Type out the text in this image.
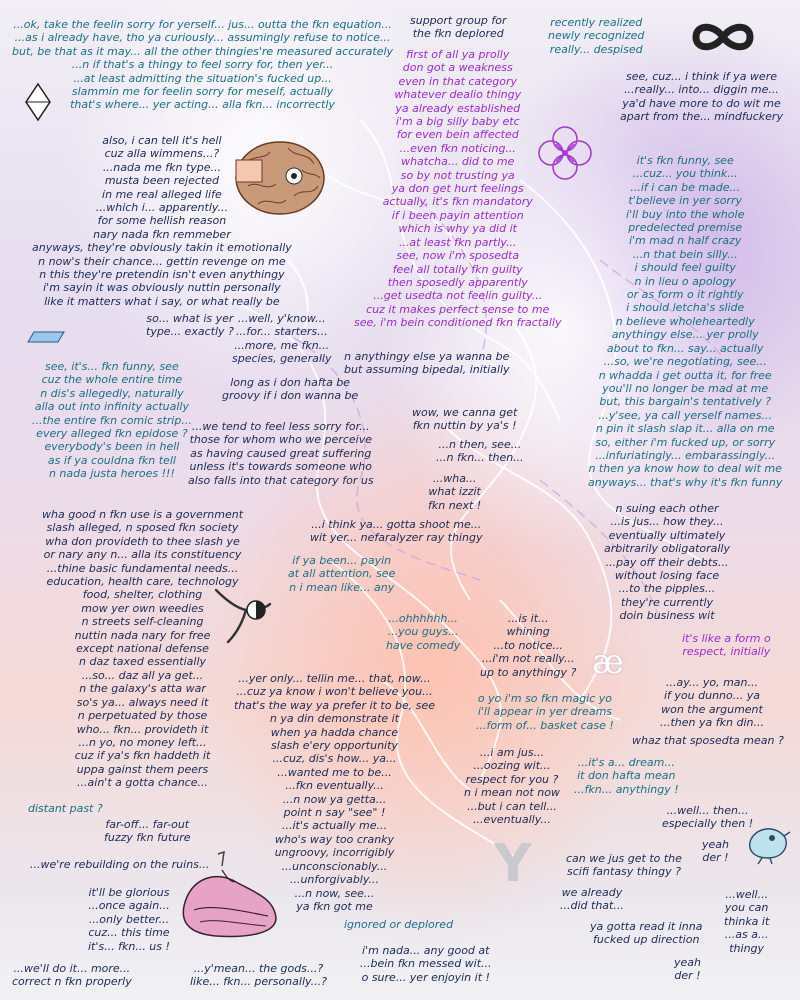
æ
Y

...ok, take the feelin sorry for yerself... jus... outta the fkn equation...
...as i already have, tho ya curiously... assumingly refuse to notice...
but, be that as it may... all the other thingies're measured accurately
...n if that's a thingy to feel sorry for, then yer...
...at least admitting the situation's fucked up...
slammin me for feelin sorry for meself, actually
that's where... yer acting... alla fkn... incorrectly

support group for
the fkn deplored

recently realized
newly recognized
really... despised

see, cuz... i think if ya were
...really... into... diggin me...
ya'd have more to do wit me
apart from the... mindfuckery

first of all ya prolly
don got a weakness
even in that category
whatever dealio thingy
ya already established
i'm a big silly baby etc
for even bein affected
...even fkn noticing...
whatcha... did to me
so by not trusting ya
ya don get hurt feelings
actually, it's fkn mandatory
if i been payin attention
which is why ya did it
...at least fkn partly...
see, now i'm sposedta
feel all totally fkn guilty
then sposedly apparently
...get usedta not feelin guilty...
cuz it makes perfect sense to me
see, i'm bein conditioned fkn fractally

also, i can tell it's hell
cuz alla wimmens...?
...nada me fkn type...
musta been rejected
in me real alleged life
...which i... apparently...
for some hellish reason
nary nada fkn remmeber
anyways, they're obviously takin it emotionally
n now's their chance... gettin revenge on me
n this they're pretendin isn't even anythingy
i'm sayin it was obviously nuttin personally
like it matters what i say, or what really be

it's fkn funny, see
...cuz... you think...
...if i can be made...
t'believe in yer sorry
i'll buy into the whole
predelected premise
i'm mad n half crazy
...n that bein silly...
i should feel guilty
n in lieu o apology
or as form o it rightly
i should letcha's slide
n believe wholeheartedly
anythingy else... yer prolly
about to fkn... say... actually
...so, we're negotiating, see...
n whadda i get outta it, for free
you'll no longer be mad at me
but, this bargain's tentatively ?
...y'see, ya call yerself names...
n pin it slash slap it... alla on me
so, either i'm fucked up, or sorry
...infuriatingly... embarassingly...
n then ya know how to deal wit me
anyways... that's why it's fkn funny

so... what is yer
type... exactly ?

...well, y'know...
...for... starters...
...more, me fkn...
species, generally n anythingy else ya wanna be
but assuming bipedal, initially

see, it's... fkn funny, see
cuz the whole entire time
n dis's allegedly, naturally
alla out into infinity actually
...the entire fkn comic strip...
every alleged fkn epidose ?
everybody's been in hell
as if ya couldna fkn tell
n nada justa heroes !!!

long as i don hafta be
groovy if i don wanna be

...we tend to feel less sorry for...
those for whom who we perceive
as having caused great suffering
unless it's towards someone who
also falls into that category for us

wow, we canna get
fkn nuttin by ya's !

...n then, see...
...n fkn... then...

...wha...
what izzit
fkn next !

wha good n fkn use is a government
slash alleged, n sposed fkn society
wha don provideth to thee slash ye
or nary any n... alla its constituency
...thine basic fundamental needs...
education, health care, technology
food, shelter, clothing
mow yer own weedies
n streets self-cleaning
nuttin nada nary for free
except national defense
n daz taxed essentially
...so... daz all ya get...
n the galaxy's atta war
so's ya... always need it
n perpetuated by those
who... fkn... provideth it
...n yo, no money left...
cuz if ya's fkn haddeth it
uppa gainst them peers
...ain't a gotta chance...

...i think ya... gotta shoot me...
wit yer... nefaralyzer ray thingy

n suing each other
...is jus... how they...
eventually ultimately
arbitrarily obligatorally
...pay off their debts...
without losing face
...to the pipples...
they're currently
doin business wit

if ya been... payin
at all attention, see
n i mean like... any

...ohhhhhh...
...you guys...
have comedy

...is it...
whining
...to notice...
...i'm not really...
up to anythingy ?

it's like a form o
respect, initially

...yer only... tellin me... that, now...
...cuz ya know i won't believe you...
that's the way ya prefer it to be, see
n ya din demonstrate it
when ya hadda chance
slash e'ery opportunity
...cuz, dis's how... ya...
...wanted me to be...
...fkn eventually...
...n now ya getta...
point n say "see" !
...it's actually me...
who's way too cranky
ungroovy, incorrigibly
...unconscionably...
...unforgivably...
...n now, see...
ya fkn got me

...ay... yo, man...
if you dunno... ya
won the argument
...then ya fkn din...

o yo i'm so fkn magic yo
i'll appear in yer dreams
...form of... basket case !

whaz that sposedta mean ?

...i am jus...
...oozing wit...
respect for you ?
n i mean not now
...but i can tell...
...eventually...

...it's a... dream...
it don hafta mean
...fkn... anythingy !

distant past ?

far-off... far-out
fuzzy fkn future

...well... then...
especially then !

yeah
der !

...we're rebuilding on the ruins...	can we jus get to the
scifi fantasy thingy ?

it'll be glorious
...once again...
...only better...
cuz... this time
it's... fkn... us !

we already
...did that...

...well...
you can
thinka it
...as a...
thingy

ignored or deplored	ya gotta read it inna
fucked up direction

i'm nada... any good at
...bein fkn messed wit...
o sure... yer enjoyin it !

yeah
der !

...we'll do it... more...
correct n fkn properly

...y'mean... the gods...?
like... fkn... personally...?
